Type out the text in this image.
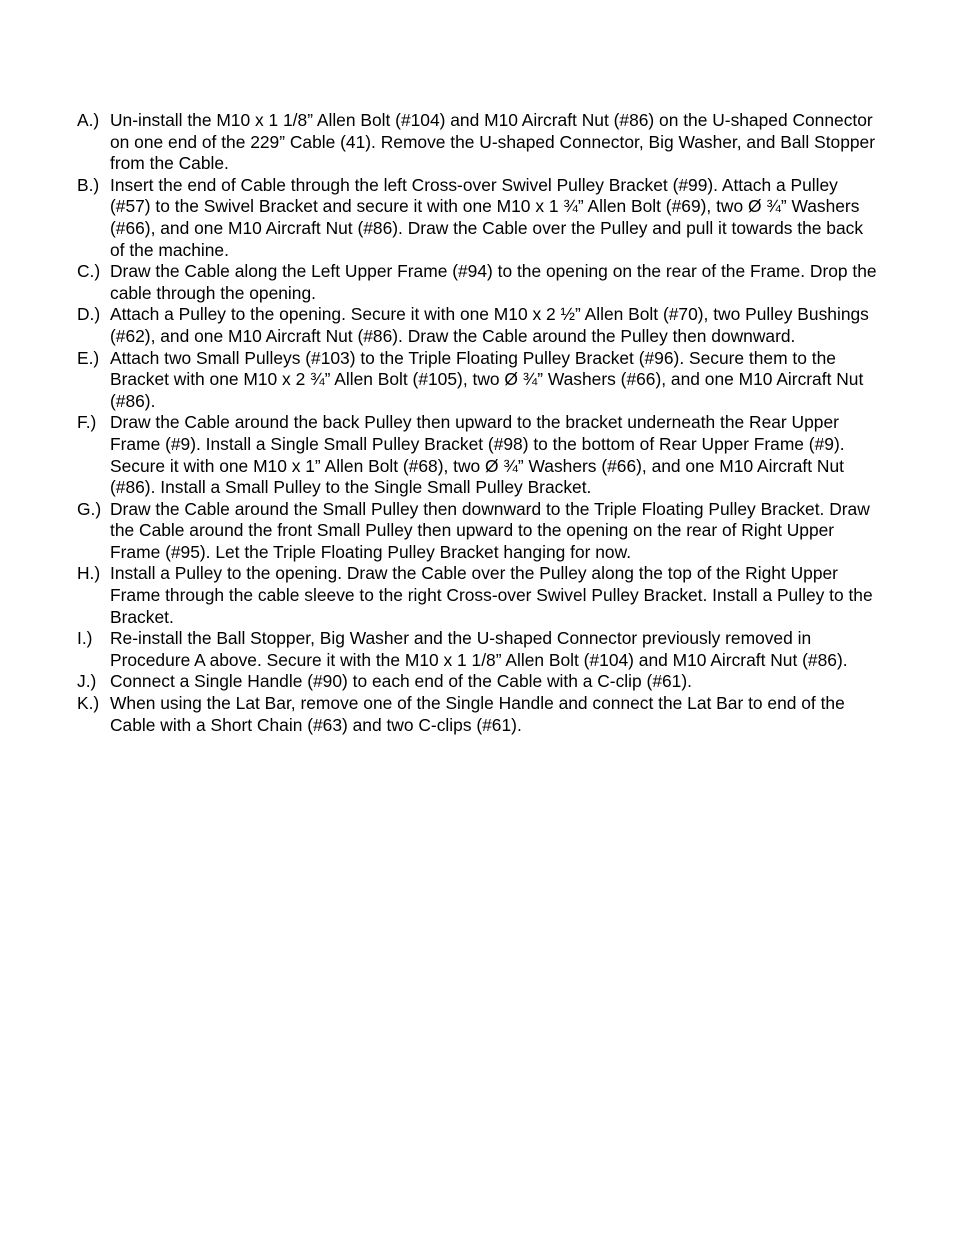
A.) Un-install the M10 x 1 1/8” Allen Bolt (#104) and M10 Aircraft Nut (#86) on the U-shaped Connector on one end of the 229” Cable (41). Remove the U-shaped Connector, Big Washer, and Ball Stopper from the Cable.

B.) Insert the end of Cable through the left Cross-over Swivel Pulley Bracket (#99). Attach a Pulley (#57) to the Swivel Bracket and secure it with one M10 x 1 ¾” Allen Bolt (#69), two Ø ¾” Washers (#66), and one M10 Aircraft Nut (#86). Draw the Cable over the Pulley and pull it towards the back of the machine.

C.) Draw the Cable along the Left Upper Frame (#94) to the opening on the rear of the Frame. Drop the cable through the opening.

D.) Attach a Pulley to the opening. Secure it with one M10 x 2 ½” Allen Bolt (#70), two Pulley Bushings (#62), and one M10 Aircraft Nut (#86). Draw the Cable around the Pulley then downward.

E.) Attach two Small Pulleys (#103) to the Triple Floating Pulley Bracket (#96). Secure them to the Bracket with one M10 x 2 ¾” Allen Bolt (#105), two Ø ¾” Washers (#66), and one M10 Aircraft Nut (#86).

F.) Draw the Cable around the back Pulley then upward to the bracket underneath the Rear Upper Frame (#9). Install a Single Small Pulley Bracket (#98) to the bottom of Rear Upper Frame (#9). Secure it with one M10 x 1” Allen Bolt (#68), two Ø ¾” Washers (#66), and one M10 Aircraft Nut (#86). Install a Small Pulley to the Single Small Pulley Bracket.

G.) Draw the Cable around the Small Pulley then downward to the Triple Floating Pulley Bracket. Draw the Cable around the front Small Pulley then upward to the opening on the rear of Right Upper Frame (#95). Let the Triple Floating Pulley Bracket hanging for now.

H.) Install a Pulley to the opening. Draw the Cable over the Pulley along the top of the Right Upper Frame through the cable sleeve to the right Cross-over Swivel Pulley Bracket. Install a Pulley to the Bracket.

I.)	Re-install the Ball Stopper, Big Washer and the U-shaped Connector previously removed in Procedure A above. Secure it with the M10 x 1 1/8” Allen Bolt (#104) and M10 Aircraft Nut (#86).

J.) Connect a Single Handle (#90) to each end of the Cable with a C-clip (#61).

K.) When using the Lat Bar, remove one of the Single Handle and connect the Lat Bar to end of the Cable with a Short Chain (#63) and two C-clips (#61).
